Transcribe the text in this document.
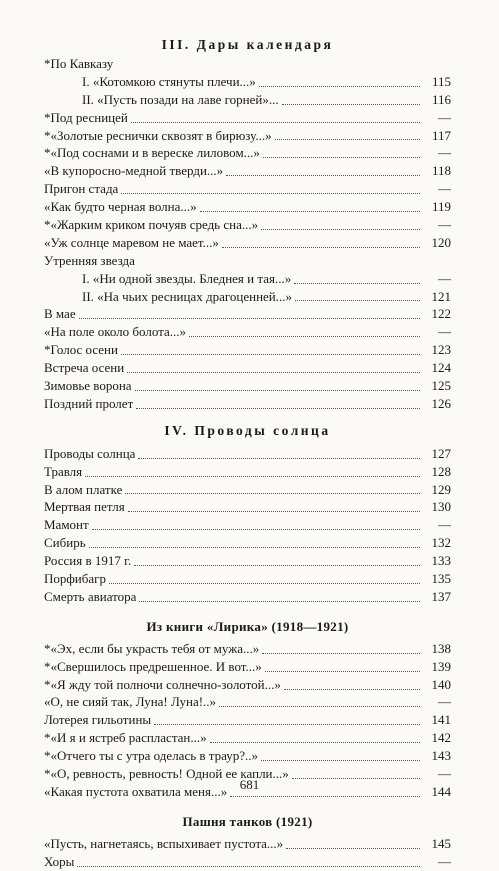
III. Дары календаря
*По Кавказу
I. «Котомкою стянуты плечи...»	115
II. «Пусть позади на лаве горней»...	116
*Под ресницей	—
*«Золотые реснички сквозят в бирюзу...»	117
*«Под соснами и в вереске лиловом...»	—
«В купоросно-медной тверди...»	118
Пригон стада	—
«Как будто черная волна...»	119
*«Жарким криком почуяв средь сна...»	—
«Уж солнце маревом не мает...»	120
Утренняя звезда
I. «Ни одной звезды. Бледнея и тая...»	—
II. «На чьих ресницах драгоценней...»	121
В мае	122
«На поле около болота...»	—
*Голос осени	123
Встреча осени	124
Зимовье ворона	125
Поздний пролет	126
IV. Проводы солнца
Проводы солнца	127
Травля	128
В алом платке	129
Мертвая петля	130
Мамонт	—
Сибирь	132
Россия в 1917 г.	133
Порфибагр	135
Смерть авиатора	137
Из книги «Лирика» (1918—1921)
*«Эх, если бы украсть тебя от мужа...»	138
*«Свершилось предрешенное. И вот...»	139
*«Я жду той полночи солнечно-золотой...»	140
«О, не сияй так, Луна! Луна!..»	—
Лотерея гильотины	141
*«И я и ястреб распластан...»	142
*«Отчего ты с утра оделась в траур?..»	143
*«О, ревность, ревность! Одной ее капли...»	—
«Какая пустота охватила меня...»	144
Пашня танков (1921)
«Пусть, нагнетаясь, вспыхивает пустота...»	145
Хоры	—
681
